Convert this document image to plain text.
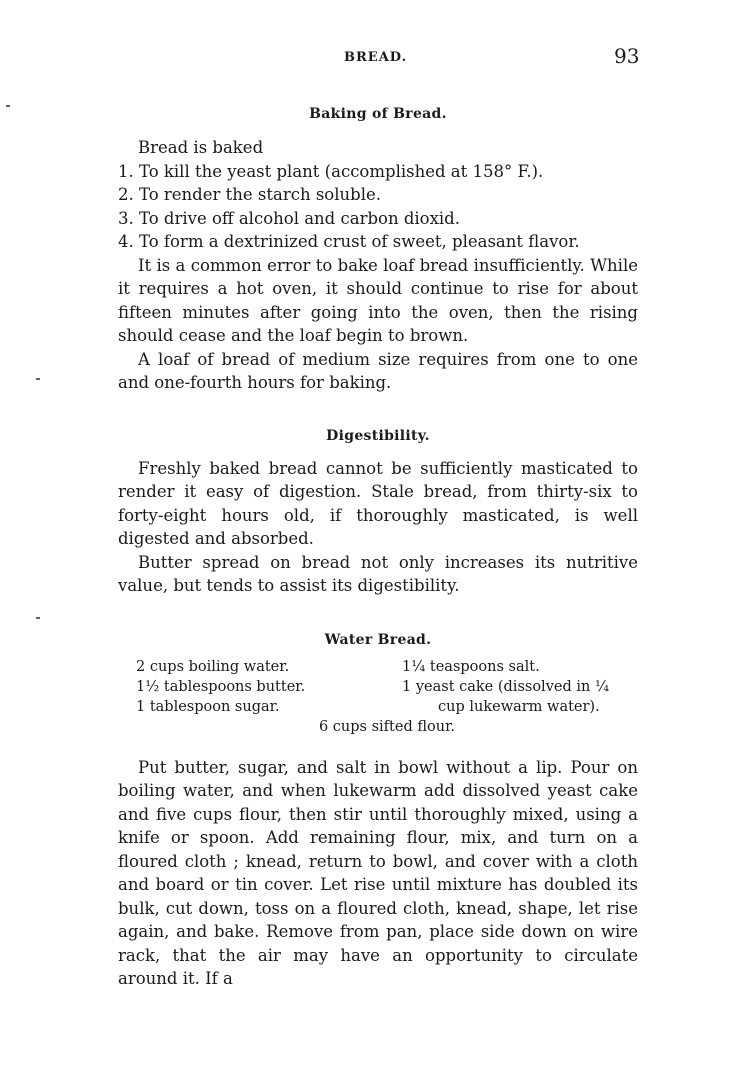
BREAD.	93
Baking of Bread.

Bread is baked

1. To kill the yeast plant (accomplished at 158° F.).
2. To render the starch soluble.
3. To drive off alcohol and carbon dioxid.
4. To form a dextrinized crust of sweet, pleasant flavor.

It is a common error to bake loaf bread insufficiently. While it requires a hot oven, it should continue to rise for about fifteen minutes after going into the oven, then the rising should cease and the loaf begin to brown.

A loaf of bread of medium size requires from one to one and one-fourth hours for baking.

Digestibility.

Freshly baked bread cannot be sufficiently masticated to render it easy of digestion. Stale bread, from thirty-six to forty-eight hours old, if thoroughly masticated, is well digested and absorbed.

Butter spread on bread not only increases its nutritive value, but tends to assist its digestibility.

Water Bread.
2 cups boiling water.	1¼ teaspoons salt.
1½ tablespoons butter.	1 yeast cake (dissolved in ¼
1 tablespoon sugar.	cup lukewarm water).
6 cups sifted flour.

Put butter, sugar, and salt in bowl without a lip. Pour on boiling water, and when lukewarm add dissolved yeast cake and five cups flour, then stir until thoroughly mixed, using a knife or spoon. Add remaining flour, mix, and turn on a floured cloth ; knead, return to bowl, and cover with a cloth and board or tin cover. Let rise until mixture has doubled its bulk, cut down, toss on a floured cloth, knead, shape, let rise again, and bake. Remove from pan, place side down on wire rack, that the air may have an opportunity to circulate around it. If a
